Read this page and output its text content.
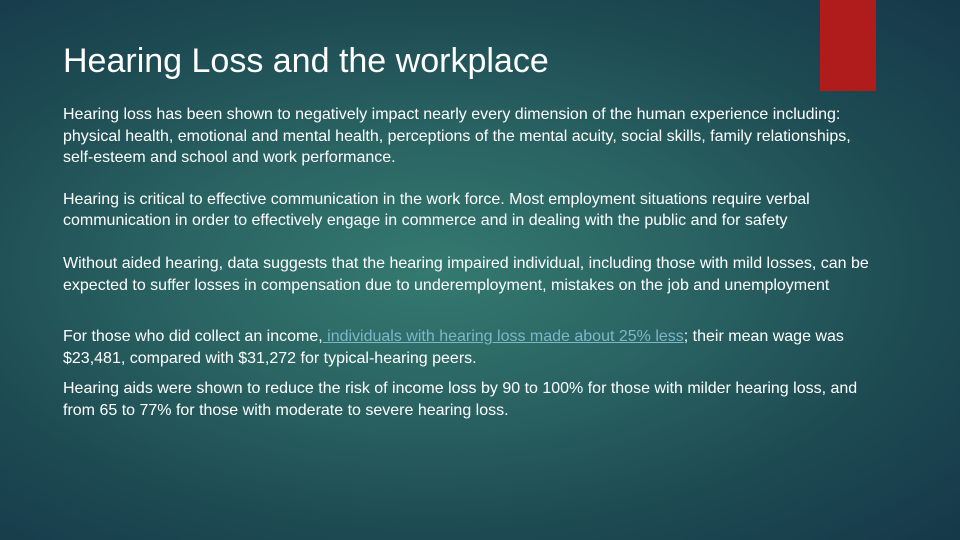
Hearing Loss and the workplace

Hearing loss has been shown to negatively impact nearly every dimension of the human experience including: physical health, emotional and mental health, perceptions of the mental acuity, social skills, family relationships, self-esteem and school and work performance.

Hearing is critical to effective communication in the work force. Most employment situations require verbal communication in order to effectively engage in commerce and in dealing with the public and for safety

Without aided hearing, data suggests that the hearing impaired individual, including those with mild losses, can be expected to suffer losses in compensation due to underemployment, mistakes on the job and unemployment

For those who did collect an income, individuals with hearing loss made about 25% less; their mean wage was $23,481, compared with $31,272 for typical-hearing peers.

Hearing aids were shown to reduce the risk of income loss by 90 to 100% for those with milder hearing loss, and from 65 to 77% for those with moderate to severe hearing loss.
